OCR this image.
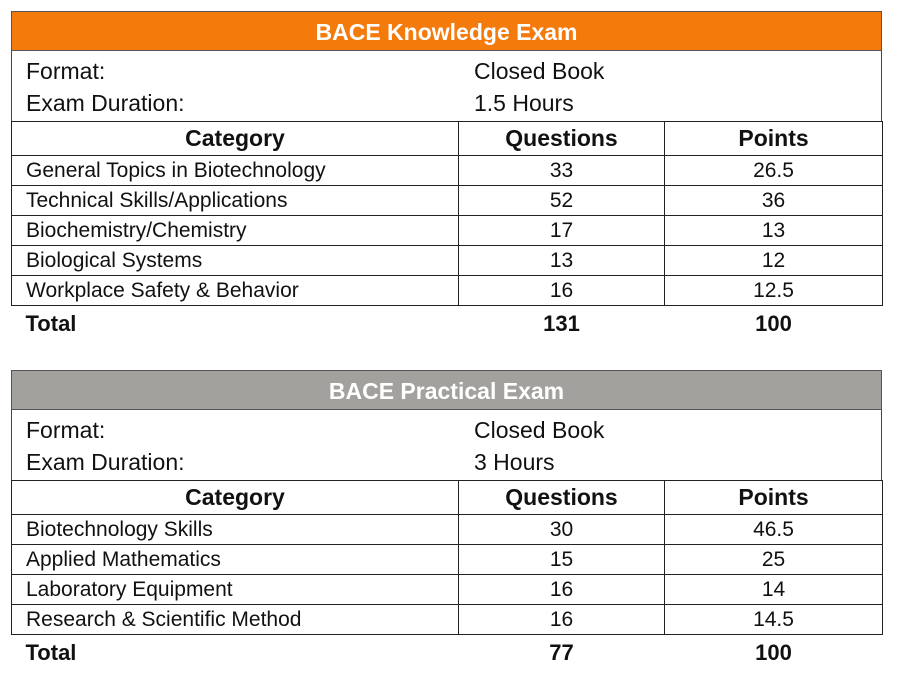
BACE Knowledge Exam
Format:	Closed Book
Exam Duration:	1.5 Hours
Category	Questions	Points
General Topics in Biotechnology	33	26.5
Technical Skills/Applications	52	36
Biochemistry/Chemistry	17	13
Biological Systems	13	12
Workplace Safety & Behavior	16	12.5
Total	131	100
BACE Practical Exam
Format:	Closed Book
Exam Duration:	3 Hours
Category	Questions	Points
Biotechnology Skills	30	46.5
Applied Mathematics	15	25
Laboratory Equipment	16	14
Research & Scientific Method	16	14.5
Total	77	100
